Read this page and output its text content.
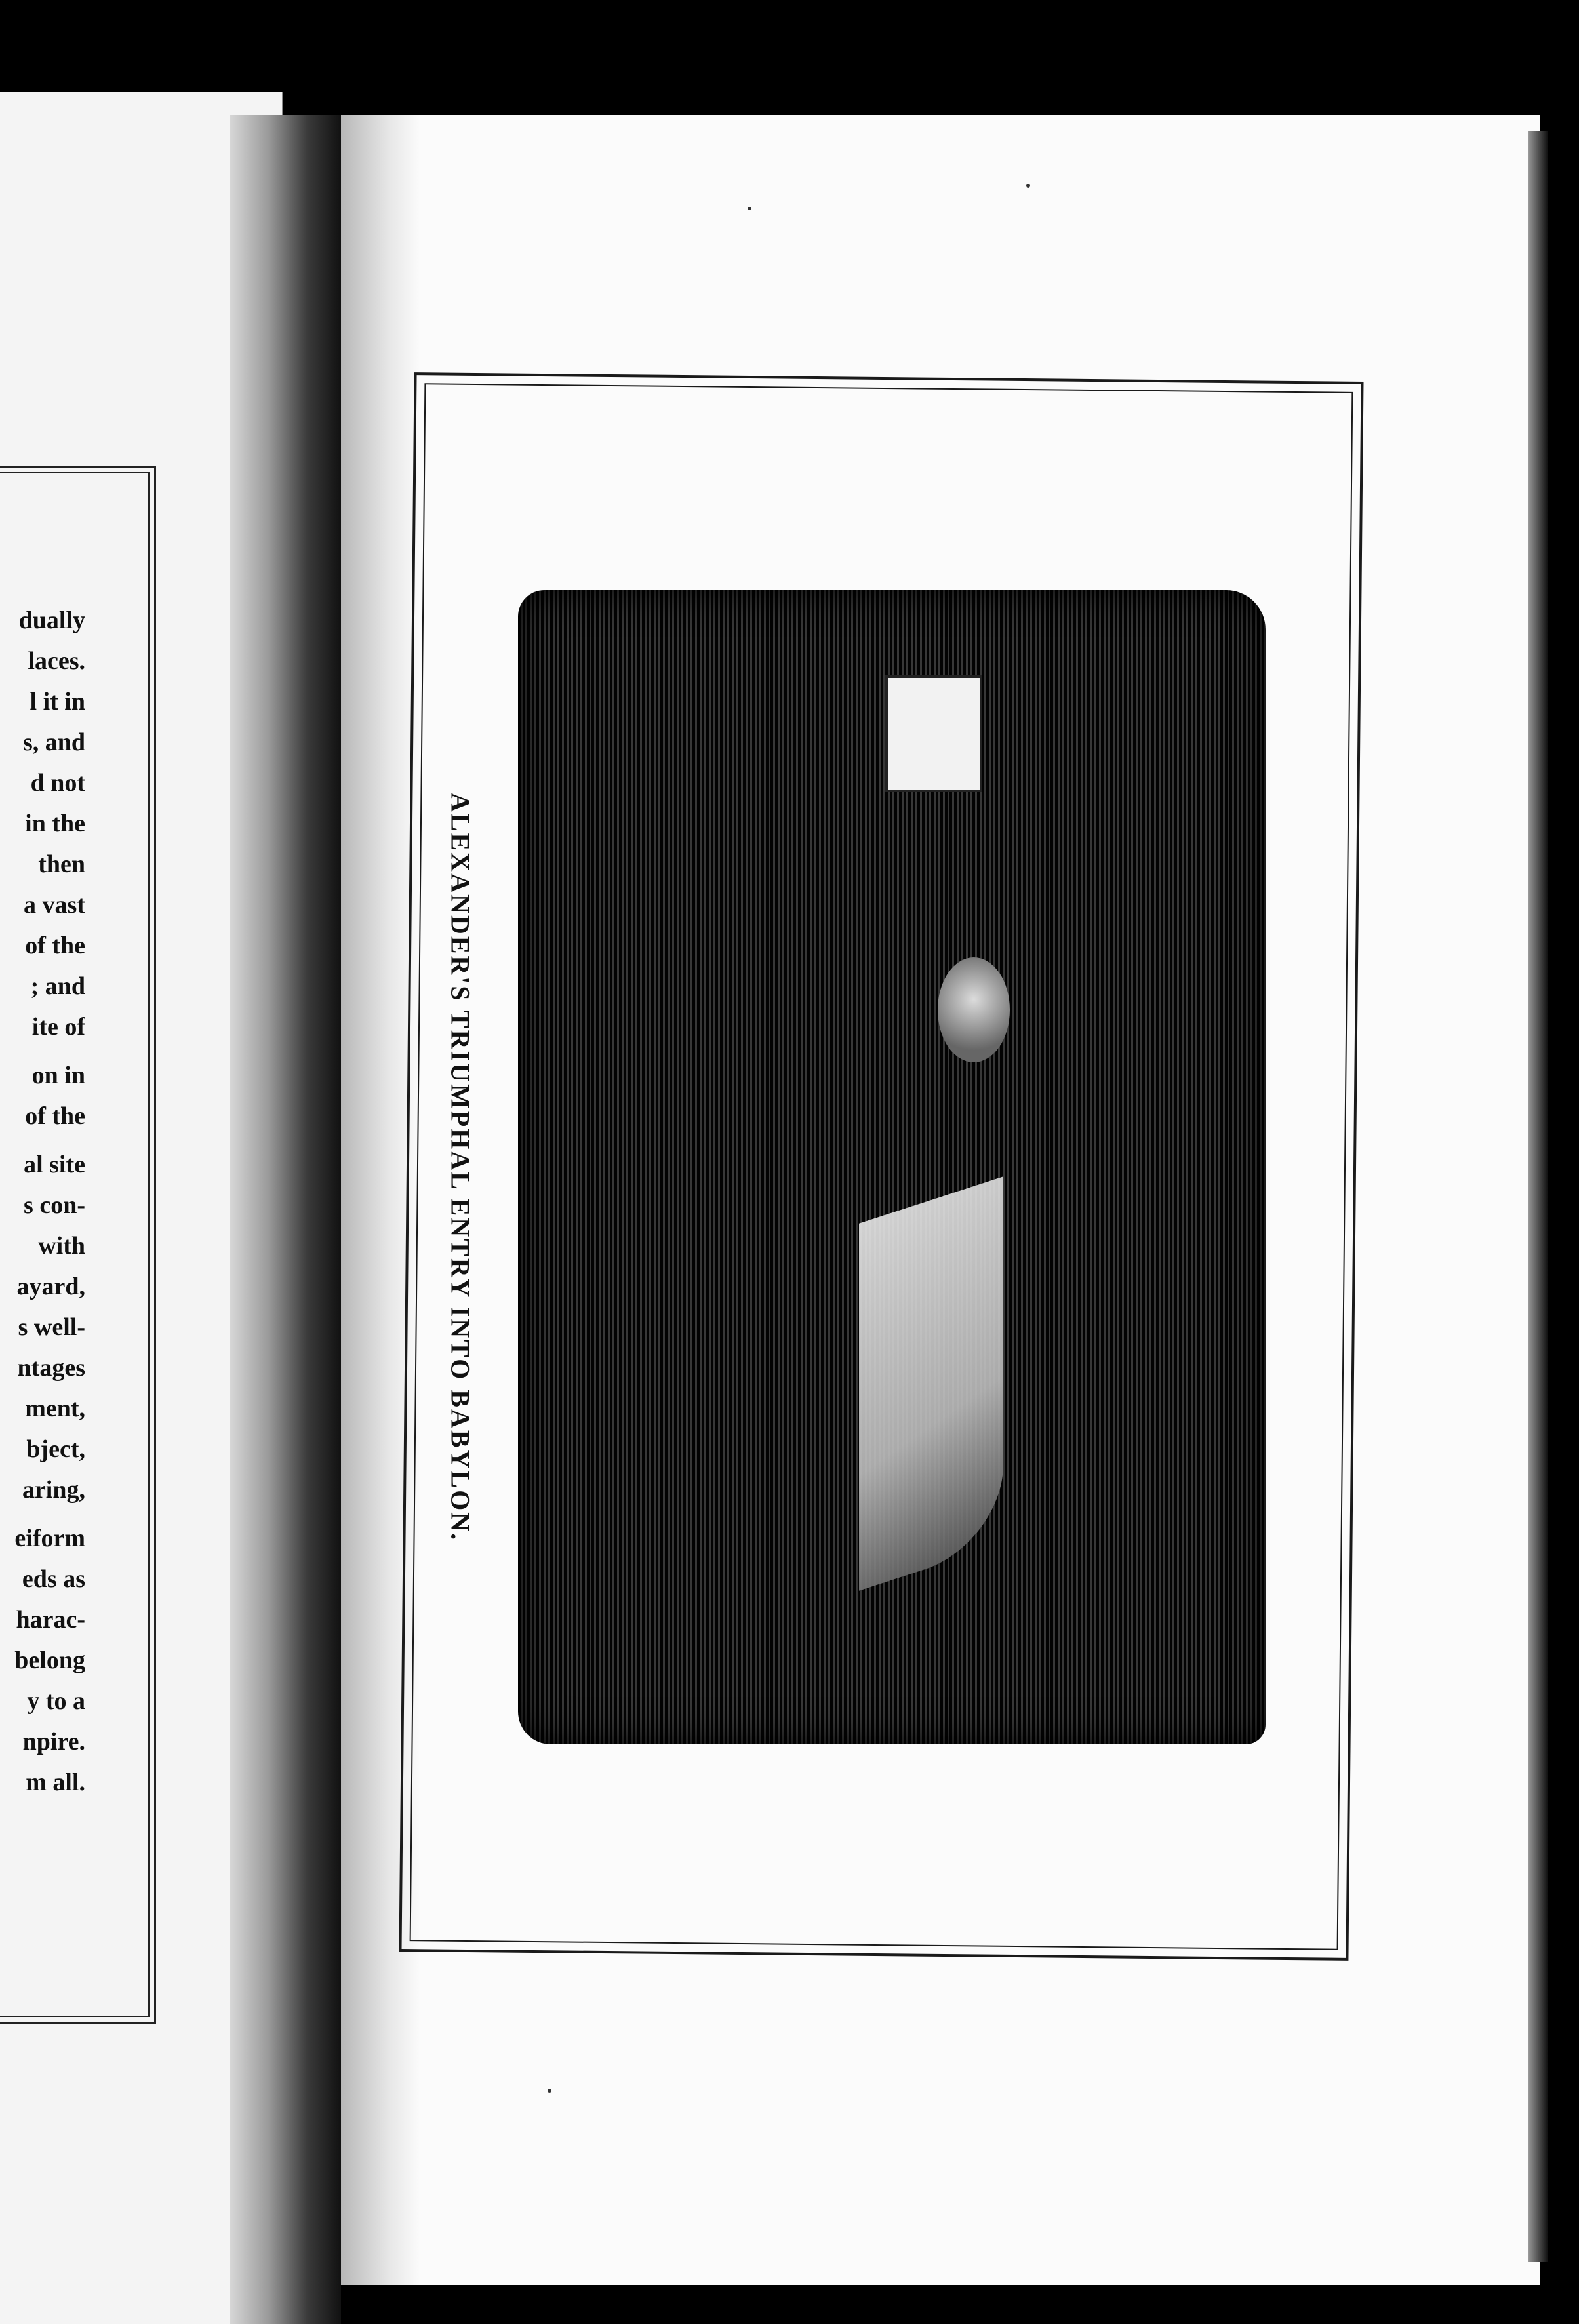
dually
laces.
l it in
s, and
d not
in the
then
a vast
of the
; and
ite of
on in
of the
al site
s con-
with
ayard,
s well-
ntages
ment,
bject,
aring,
eiform
eds as
harac-
belong
y to a
npire.
m all.
ALEXANDER'S TRIUMPHAL ENTRY INTO BABYLON.
